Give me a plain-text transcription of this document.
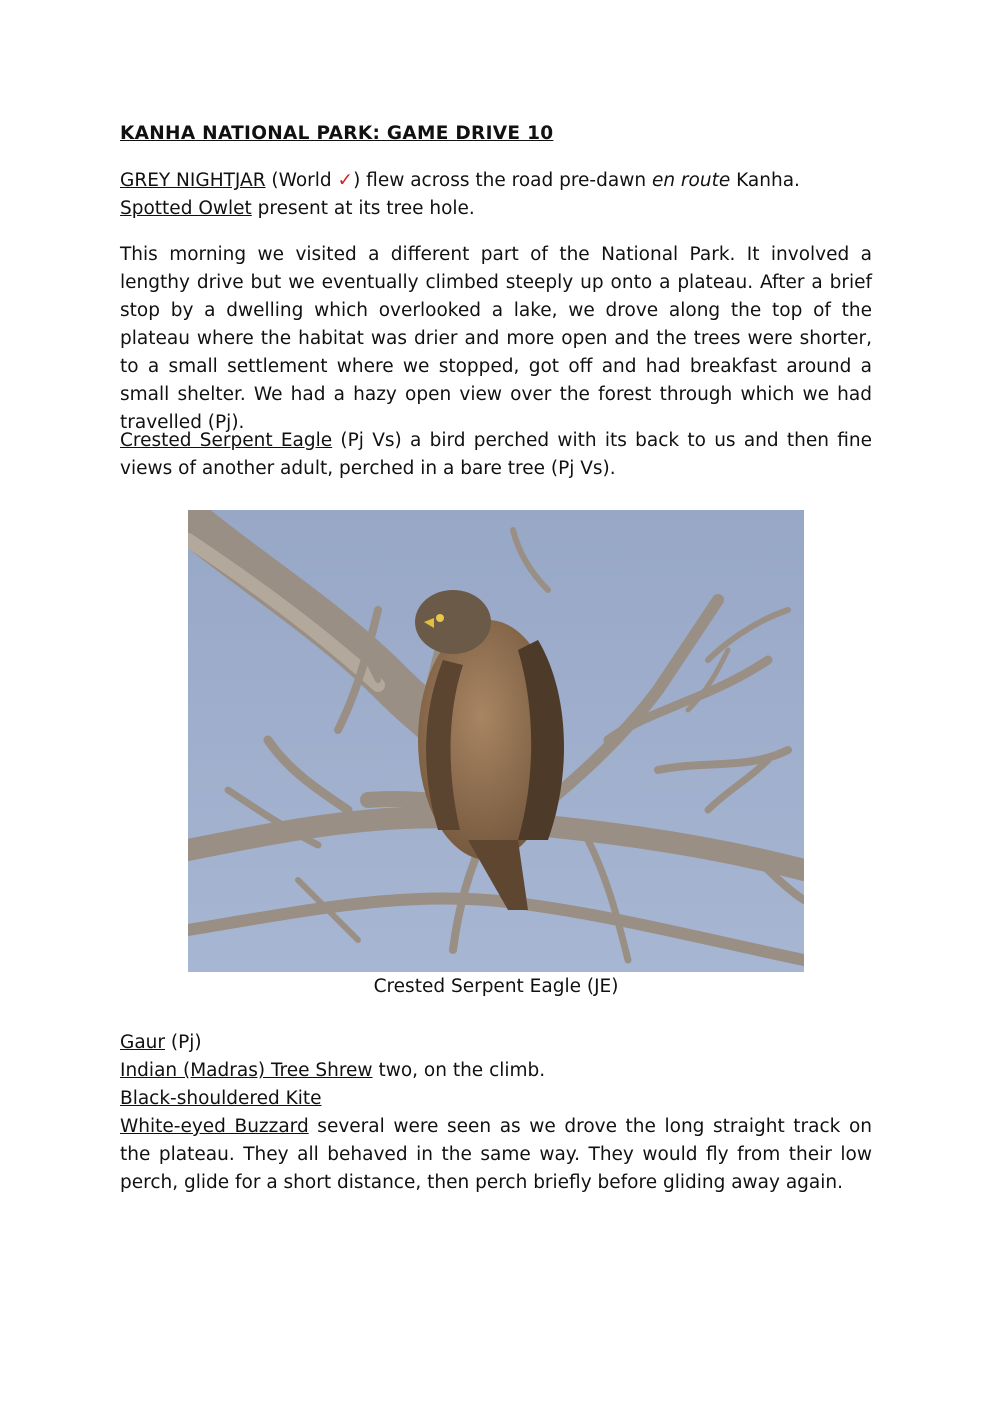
KANHA NATIONAL PARK: GAME DRIVE 10
GREY NIGHTJAR (World ✓) flew across the road pre-dawn en route Kanha.
Spotted Owlet present at its tree hole.
This morning we visited a different part of the National Park. It involved a lengthy drive but we eventually climbed steeply up onto a plateau. After a brief stop by a dwelling which overlooked a lake, we drove along the top of the plateau where the habitat was drier and more open and the trees were shorter, to a small settlement where we stopped, got off and had breakfast around a small shelter. We had a hazy open view over the forest through which we had travelled (Pj).
Crested Serpent Eagle (Pj Vs) a bird perched with its back to us and then fine views of another adult, perched in a bare tree (Pj Vs).
Crested Serpent Eagle (JE)
Gaur (Pj)
Indian (Madras) Tree Shrew two, on the climb.
Black-shouldered Kite
White-eyed Buzzard several were seen as we drove the long straight track on the plateau. They all behaved in the same way. They would fly from their low perch, glide for a short distance, then perch briefly before gliding away again.
